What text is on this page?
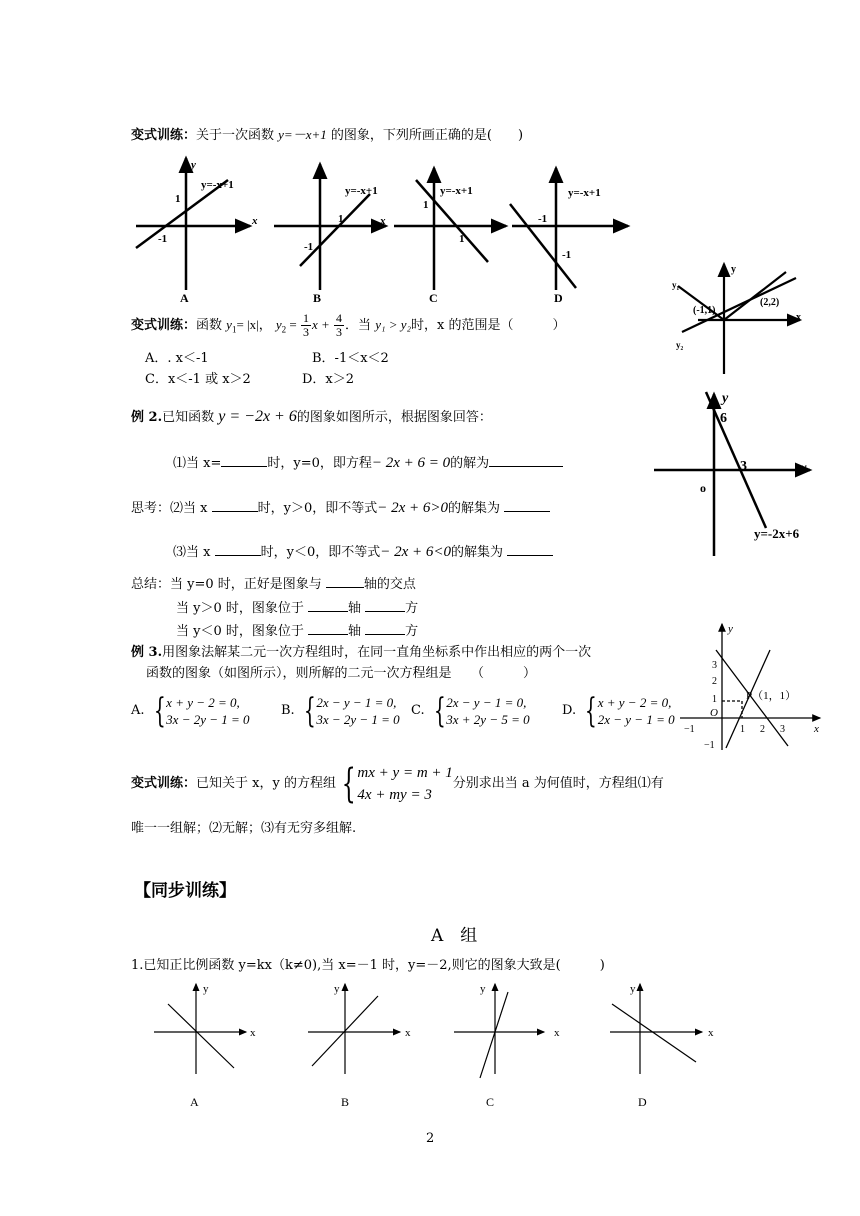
变式训练：关于一次函数 y=－x+1 的图象，下列所画正确的是(　　)
y
x
y=-x+1
1
-1
A
y=-x+1
1
-1
x
B
y=-x+1
1
1
C
y=-x+1
-1
-1
D
变式训练：函数 $y_1= |x|$， $y_2 = \frac{1}{3}$ $x + \frac{4}{3}$ ．当 y₁ > y₂时，x 的范围是（　　　）
A．. x＜-1	B．-1＜x＜2
C．x＜-1 或 x＞2	D．x＞2
y
x
y₁
y₂
(-1,1)
(2,2)
例 2.已知函数 y = −2x + 6的图象如图所示，根据图象回答：
⑴当 x=	时，y=0，即方程− 2x + 6 = 0的解为
思考：⑵当 x	时，y＞0，即不等式− 2x + 6>0的解集为
⑶当 x	时，y＜0，即不等式− 2x + 6<0的解集为
总结：当 y=0 时，正好是图象与	轴的交点
当 y＞0 时，图象位于	轴	方
当 y＜0 时，图象位于	轴	方
y
x
o
6
3
y=-2x+6
例 3.用图象法解某二元一次方程组时，在同一直角坐标系中作出相应的两个一次
函数的图象（如图所示），则所解的二元一次方程组是　　（　　　）
A. { x + y − 2 = 0,
3x − 2y − 1 = 0
B. { 2x − y − 1 = 0,
3x − 2y − 1 = 0
C. { 2x − y − 1 = 0,
3x + 2y − 5 = 0
D. { x + y − 2 = 0,
2x − y − 1 = 0
y
x
O
P（1，1）
3
2
1
−1
−1	1 2 3
变式训练： 已知关于 x，y 的方程组 { mx + y = m + 1
4x + my = 3
分别求出当 a 为何值时，方程组⑴有
唯一一组解；⑵无解；⑶有无穷多组解.
【同步训练】
A　组
1.已知正比例函数 y=kx（k≠0),当 x=－1 时，y=－2,则它的图象大致是(　　　)
y
x
A
y
x
B
y
x
C
y
x
D
2
